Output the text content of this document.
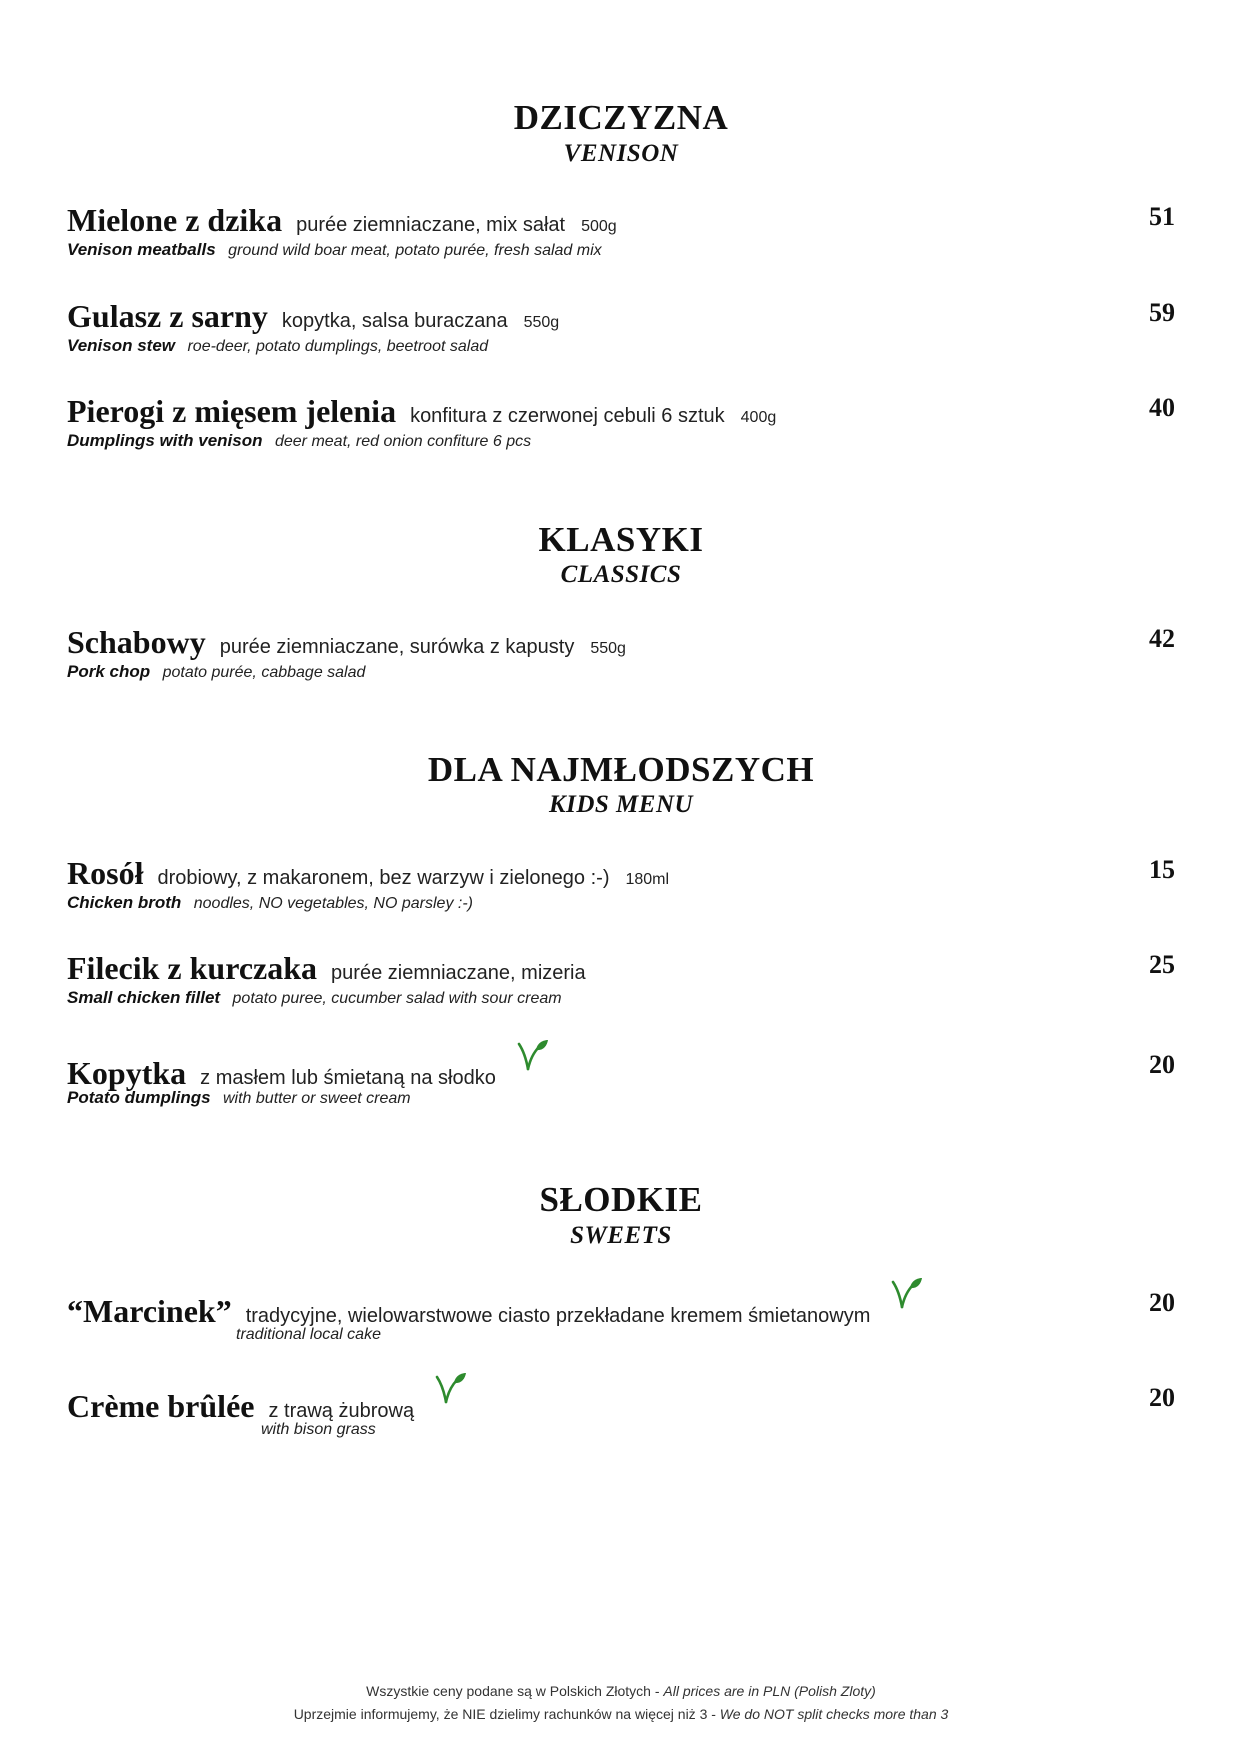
DZICZYZNA
VENISON
Mielone z dzika purée ziemniaczane, mix sałat 500g	51
Venison meatballs ground wild boar meat, potato purée, fresh salad mix
Gulasz z sarny kopytka, salsa buraczana 550g	59
Venison stew roe-deer, potato dumplings, beetroot salad
Pierogi z mięsem jelenia konfitura z czerwonej cebuli 6 sztuk 400g	40
Dumplings with venison deer meat, red onion confiture 6 pcs
KLASYKI
CLASSICS
Schabowy purée ziemniaczane, surówka z kapusty 550g	42
Pork chop potato purée, cabbage salad
DLA NAJMŁODSZYCH
KIDS MENU
Rosół drobiowy, z makaronem, bez warzyw i zielonego :-) 180ml	15
Chicken broth noodles, NO vegetables, NO parsley :-)
Filecik z kurczaka purée ziemniaczane, mizeria	25
Small chicken fillet potato puree, cucumber salad with sour cream
Kopytka z masłem lub śmietaną na słodko	20
Potato dumplings with butter or sweet cream
SŁODKIE
SWEETS
“Marcinek” tradycyjne, wielowarstwowe ciasto przekładane kremem śmietanowym	20
traditional local cake
Crème brûlée z trawą żubrową	20
with bison grass
Wszystkie ceny podane są w Polskich Złotych - All prices are in PLN (Polish Zloty)
Uprzejmie informujemy, że NIE dzielimy rachunków na więcej niż 3 - We do NOT split checks more than 3
